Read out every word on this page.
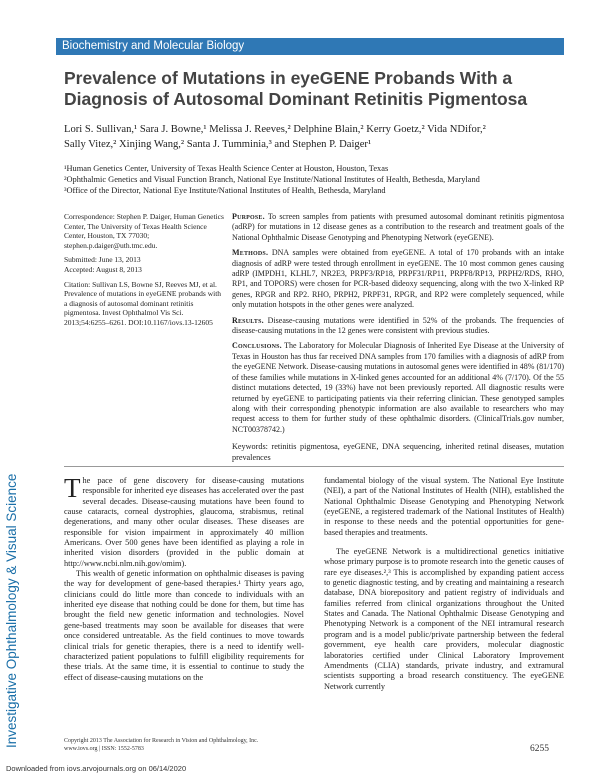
Investigative Ophthalmology & Visual Science
Biochemistry and Molecular Biology
Prevalence of Mutations in eyeGENE Probands With a Diagnosis of Autosomal Dominant Retinitis Pigmentosa
Lori S. Sullivan,¹ Sara J. Bowne,¹ Melissa J. Reeves,² Delphine Blain,² Kerry Goetz,² Vida NDifor,²
Sally Vitez,² Xinjing Wang,² Santa J. Tumminia,³ and Stephen P. Daiger¹
¹Human Genetics Center, University of Texas Health Science Center at Houston, Houston, Texas
²Ophthalmic Genetics and Visual Function Branch, National Eye Institute/National Institutes of Health, Bethesda, Maryland
³Office of the Director, National Eye Institute/National Institutes of Health, Bethesda, Maryland

Correspondence: Stephen P. Daiger, Human Genetics Center, The University of Texas Health Science Center, Houston, TX 77030; stephen.p.daiger@uth.tmc.edu.

Submitted: June 13, 2013

Accepted: August 8, 2013

Citation: Sullivan LS, Bowne SJ, Reeves MJ, et al. Prevalence of mutations in eyeGENE probands with a diagnosis of autosomal dominant retinitis pigmentosa. Invest Ophthalmol Vis Sci. 2013;54:6255–6261. DOI:10.1167/iovs.13-12605

Purpose. To screen samples from patients with presumed autosomal dominant retinitis pigmentosa (adRP) for mutations in 12 disease genes as a contribution to the research and treatment goals of the National Ophthalmic Disease Genotyping and Phenotyping Network (eyeGENE).

Methods. DNA samples were obtained from eyeGENE. A total of 170 probands with an intake diagnosis of adRP were tested through enrollment in eyeGENE. The 10 most common genes causing adRP (IMPDH1, KLHL7, NR2E3, PRPF3/RP18, PRPF31/RP11, PRPF8/RP13, PRPH2/RDS, RHO, RP1, and TOPORS) were chosen for PCR-based dideoxy sequencing, along with the two X-linked RP genes, RPGR and RP2. RHO, PRPH2, PRPF31, RPGR, and RP2 were completely sequenced, while only mutation hotspots in the other genes were analyzed.

Results. Disease-causing mutations were identified in 52% of the probands. The frequencies of disease-causing mutations in the 12 genes were consistent with previous studies.

Conclusions. The Laboratory for Molecular Diagnosis of Inherited Eye Disease at the University of Texas in Houston has thus far received DNA samples from 170 families with a diagnosis of adRP from the eyeGENE Network. Disease-causing mutations in autosomal genes were identified in 48% (81/170) of these families while mutations in X-linked genes accounted for an additional 4% (7/170). Of the 55 distinct mutations detected, 19 (33%) have not been previously reported. All diagnostic results were returned by eyeGENE to participating patients via their referring clinician. These genotyped samples along with their corresponding phenotypic information are also available to researchers who may request access to them for further study of these ophthalmic disorders. (ClinicalTrials.gov number, NCT00378742.)

Keywords: retinitis pigmentosa, eyeGENE, DNA sequencing, inherited retinal diseases, mutation prevalences

The pace of gene discovery for disease-causing mutations responsible for inherited eye diseases has accelerated over the past several decades. Disease-causing mutations have been found to cause cataracts, corneal dystrophies, glaucoma, strabismus, retinal degenerations, and many other ocular diseases. These diseases are responsible for vision impairment in approximately 40 million Americans. Over 500 genes have been identified as playing a role in inherited vision disorders (provided in the public domain at http://www.ncbi.nlm.nih.gov/omim).

This wealth of genetic information on ophthalmic diseases is paving the way for development of gene-based therapies.¹ Thirty years ago, clinicians could do little more than concede to individuals with an inherited eye disease that nothing could be done for them, but time has brought the field new genetic information and technologies. Novel gene-based treatments may soon be available for diseases that were once considered untreatable. As the field continues to move towards clinical trials for genetic therapies, there is a need to identify well-characterized patient populations to fulfill eligibility requirements for these trials. At the same time, it is essential to continue to study the effect of disease-causing mutations on the

fundamental biology of the visual system. The National Eye Institute (NEI), a part of the National Institutes of Health (NIH), established the National Ophthalmic Disease Genotyping and Phenotyping Network (eyeGENE, a registered trademark of the National Institutes of Health) in response to these needs and the potential opportunities for gene-based therapies and treatments.

The eyeGENE Network is a multidirectional genetics initiative whose primary purpose is to promote research into the genetic causes of rare eye diseases.²,³ This is accomplished by expanding patient access to genetic diagnostic testing, and by creating and maintaining a research database, DNA biorepository and patient registry of individuals and families referred from clinical organizations throughout the United States and Canada. The National Ophthalmic Disease Genotyping and Phenotyping Network is a component of the NEI intramural research program and is a model public/private partnership between the federal government, eye health care providers, molecular diagnostic laboratories certified under Clinical Laboratory Improvement Amendments (CLIA) standards, private industry, and extramural scientists supporting a broad research constituency. The eyeGENE Network currently

Copyright 2013 The Association for Research in Vision and Ophthalmology, Inc.
www.iovs.org | ISSN: 1552-5783	6255
Downloaded from iovs.arvojournals.org on 06/14/2020
